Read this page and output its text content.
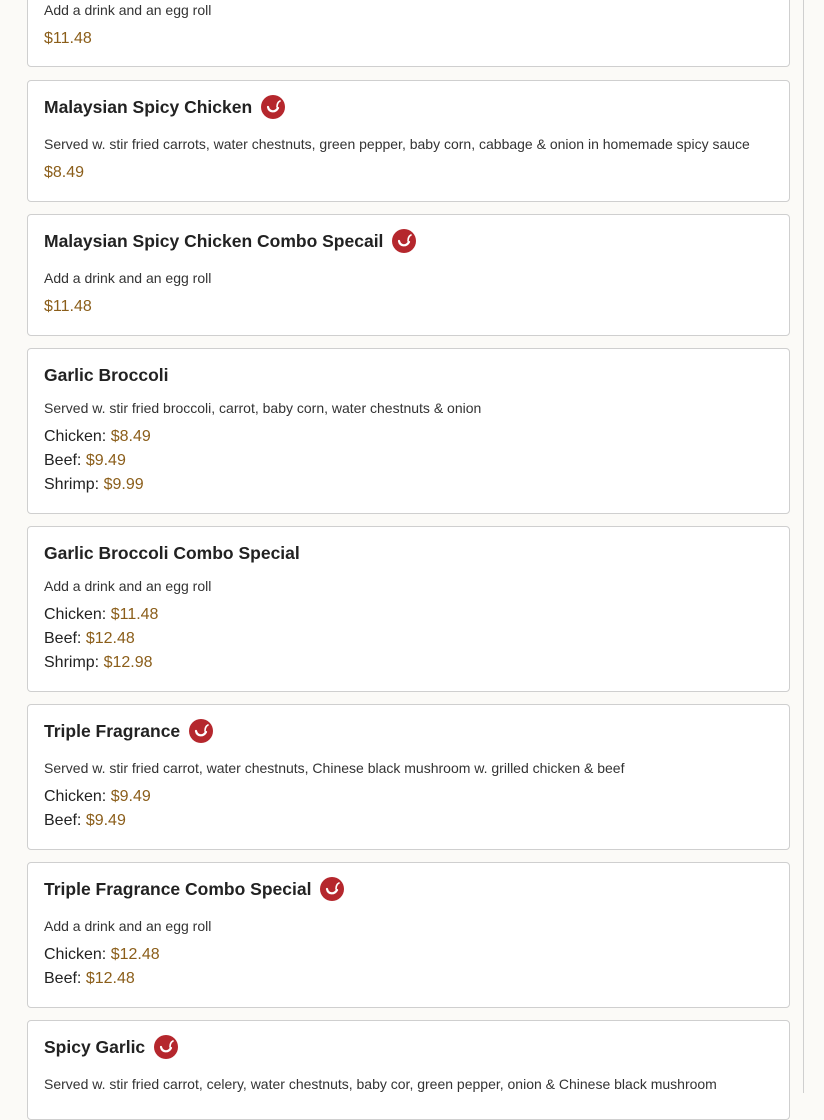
Add a drink and an egg roll
$11.48
Malaysian Spicy Chicken
Served w. stir fried carrots, water chestnuts, green pepper, baby corn, cabbage & onion in homemade spicy sauce
$8.49
Malaysian Spicy Chicken Combo Specail
Add a drink and an egg roll
$11.48
Garlic Broccoli
Served w. stir fried broccoli, carrot, baby corn, water chestnuts & onion
Chicken: $8.49
Beef: $9.49
Shrimp: $9.99
Garlic Broccoli Combo Special
Add a drink and an egg roll
Chicken: $11.48
Beef: $12.48
Shrimp: $12.98
Triple Fragrance
Served w. stir fried carrot, water chestnuts, Chinese black mushroom w. grilled chicken & beef
Chicken: $9.49
Beef: $9.49
Triple Fragrance Combo Special
Add a drink and an egg roll
Chicken: $12.48
Beef: $12.48
Spicy Garlic
Served w. stir fried carrot, celery, water chestnuts, baby cor, green pepper, onion & Chinese black mushroom
